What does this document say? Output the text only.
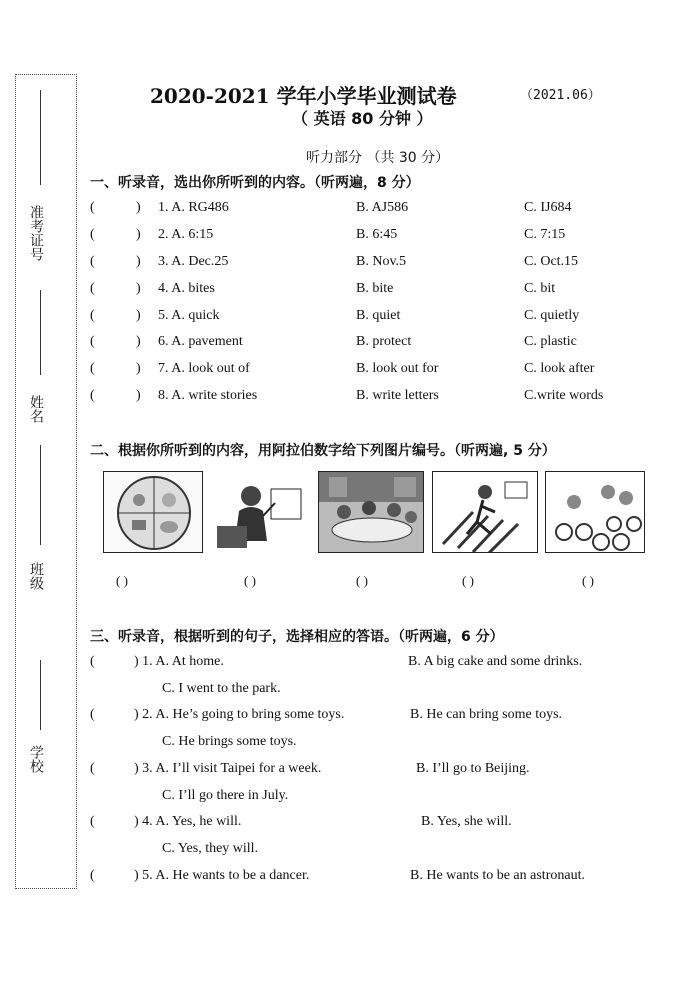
准考证号
姓名
班级
学校
2020-2021 学年小学毕业测试卷	（2021.06）
（ 英语 80 分钟 ）
听力部分 （共 30 分）
一、听录音，选出你所听到的内容。（听两遍，8 分）
(	) 1. A. RG486	B. AJ586	C. IJ684
(	) 2. A. 6:15	B. 6:45	C. 7:15
(	) 3. A. Dec.25	B. Nov.5	C. Oct.15
(	) 4. A. bites	B. bite	C. bit
(	) 5. A. quick	B. quiet	C. quietly
(	) 6. A. pavement	B. protect	C. plastic
(	) 7. A. look out of	B. look out for	C. look after
(	) 8. A. write stories	B. write letters	C.write words
二、根据你所听到的内容，用阿拉伯数字给下列图片编号。（听两遍, 5 分）
( )	( )	( )	( )	( )
三、听录音，根据听到的句子，选择相应的答语。（听两遍，6 分）
(	) 1. A. At home.	B. A big cake and some drinks.
C. I went to the park.
(	) 2. A. He’s going to bring some toys.	B. He can bring some toys.
C. He brings some toys.
(	) 3. A. I’ll visit Taipei for a week.	B. I’ll go to Beijing.
C. I’ll go there in July.
(	) 4. A. Yes, he will.	B. Yes, she will.
C. Yes, they will.
(	) 5. A. He wants to be a dancer.	B. He wants to be an astronaut.
